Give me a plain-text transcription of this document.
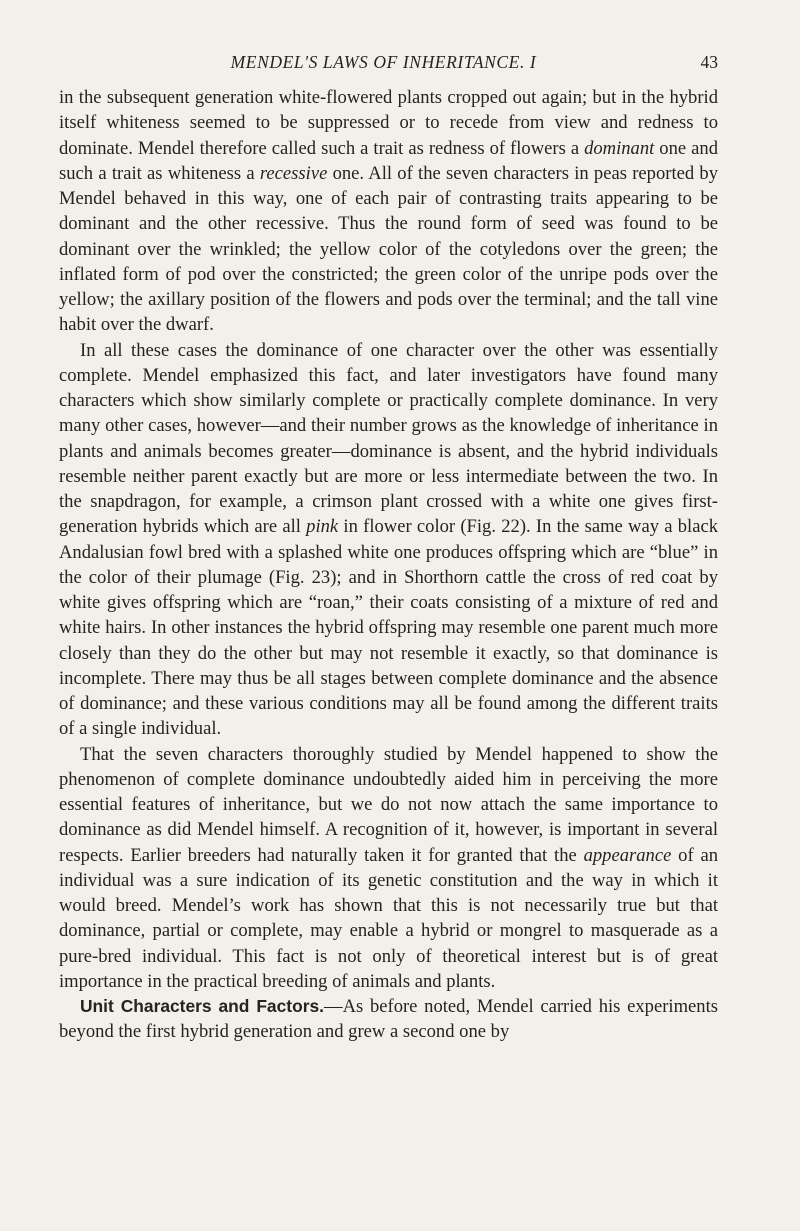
MENDEL'S LAWS OF INHERITANCE. I	43

in the subsequent generation white-flowered plants cropped out again; but in the hybrid itself whiteness seemed to be suppressed or to recede from view and redness to dominate. Mendel therefore called such a trait as redness of flowers a dominant one and such a trait as whiteness a recessive one. All of the seven characters in peas reported by Mendel behaved in this way, one of each pair of contrasting traits appearing to be dominant and the other recessive. Thus the round form of seed was found to be dominant over the wrinkled; the yellow color of the cotyledons over the green; the inflated form of pod over the constricted; the green color of the unripe pods over the yellow; the axillary position of the flowers and pods over the terminal; and the tall vine habit over the dwarf.

In all these cases the dominance of one character over the other was essentially complete. Mendel emphasized this fact, and later investigators have found many characters which show similarly complete or practically complete dominance. In very many other cases, however—and their number grows as the knowledge of inheritance in plants and animals becomes greater—dominance is absent, and the hybrid individuals resemble neither parent exactly but are more or less intermediate between the two. In the snapdragon, for example, a crimson plant crossed with a white one gives first-generation hybrids which are all pink in flower color (Fig. 22). In the same way a black Andalusian fowl bred with a splashed white one produces offspring which are “blue” in the color of their plumage (Fig. 23); and in Shorthorn cattle the cross of red coat by white gives offspring which are “roan,” their coats consisting of a mixture of red and white hairs. In other instances the hybrid offspring may resemble one parent much more closely than they do the other but may not resemble it exactly, so that dominance is incomplete. There may thus be all stages between complete dominance and the absence of dominance; and these various conditions may all be found among the different traits of a single individual.

That the seven characters thoroughly studied by Mendel happened to show the phenomenon of complete dominance undoubtedly aided him in perceiving the more essential features of inheritance, but we do not now attach the same importance to dominance as did Mendel himself. A recognition of it, however, is important in several respects. Earlier breeders had naturally taken it for granted that the appearance of an individual was a sure indication of its genetic constitution and the way in which it would breed. Mendel’s work has shown that this is not necessarily true but that dominance, partial or complete, may enable a hybrid or mongrel to masquerade as a pure-bred individual. This fact is not only of theoretical interest but is of great importance in the practical breeding of animals and plants.

Unit Characters and Factors.—As before noted, Mendel carried his experiments beyond the first hybrid generation and grew a second one by
